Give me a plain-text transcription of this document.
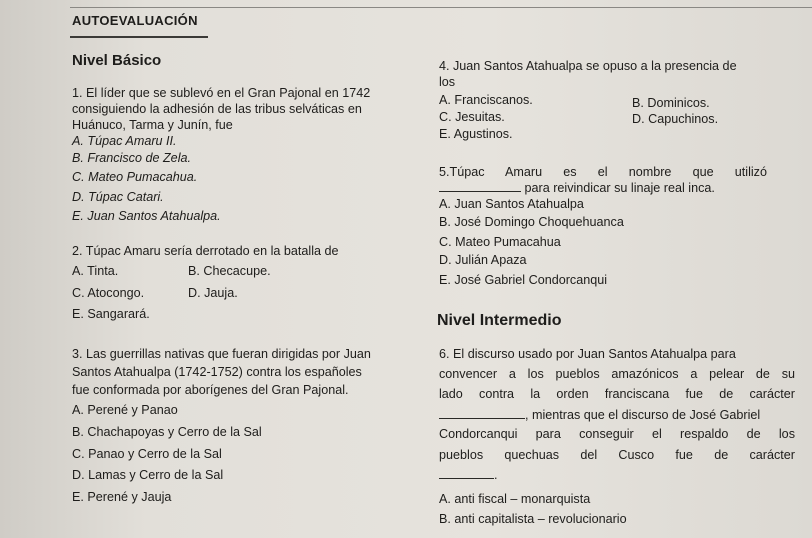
AUTOEVALUACIÓN
Nivel Básico
1. El líder que se sublevó en el Gran Pajonal en 1742
consiguiendo la adhesión de las tribus selváticas en
Huánuco, Tarma y Junín, fue
A. Túpac Amaru II.
B. Francisco de Zela.
C. Mateo Pumacahua.
D. Túpac Catari.
E. Juan Santos Atahualpa.
2. Túpac Amaru sería derrotado en la batalla de
A. Tinta.	B. Checacupe.
C. Atocongo.	D. Jauja.
E. Sangarará.
3. Las guerrillas nativas que fueran dirigidas por Juan
Santos Atahualpa (1742-1752) contra los españoles
fue conformada por aborígenes del Gran Pajonal.
A. Perené y Panao
B. Chachapoyas y Cerro de la Sal
C. Panao y Cerro de la Sal
D. Lamas y Cerro de la Sal
E. Perené y Jauja
4. Juan Santos Atahualpa se opuso a la presencia de
los
A. Franciscanos.	B. Dominicos.
C. Jesuitas.	D. Capuchinos.
E. Agustinos.
5.Túpac Amaru es el nombre que utilizó
para reivindicar su linaje real inca.
A. Juan Santos Atahualpa
B. José Domingo Choquehuanca
C. Mateo Pumacahua
D. Julián Apaza
E. José Gabriel Condorcanqui
Nivel Intermedio
6. El discurso usado por Juan Santos Atahualpa para
convencer a los pueblos amazónicos a pelear de su
lado contra la orden franciscana fue de carácter
, mientras que el discurso de José Gabriel
Condorcanqui para conseguir el respaldo de los
pueblos quechuas del Cusco fue de carácter
.
A. anti fiscal – monarquista
B. anti capitalista – revolucionario
